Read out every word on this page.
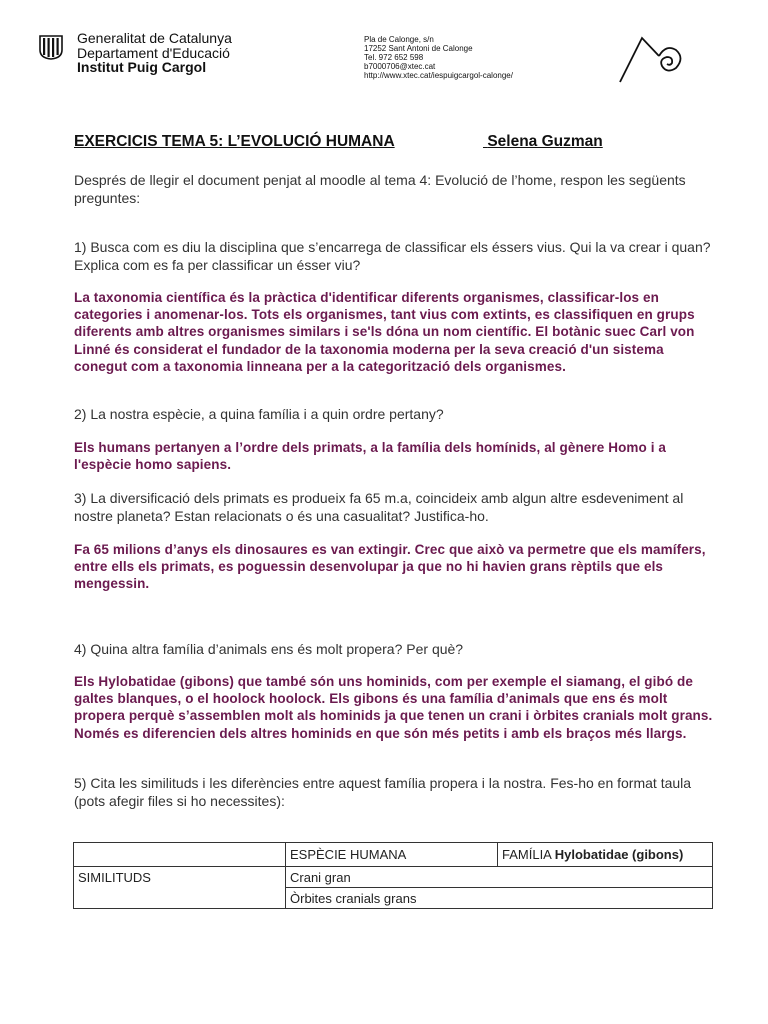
Generalitat de Catalunya
Departament d'Educació
Institut Puig Cargol
Pla de Calonge, s/n
17252 Sant Antoni de Calonge
Tel. 972 652 598
b7000706@xtec.cat
http://www.xtec.cat/iespuigcargol-calonge/
EXERCICIS TEMA 5: L’EVOLUCIÓ HUMANA	Selena Guzman

Després de llegir el document penjat al moodle al tema 4: Evolució de l’home, respon les següents preguntes:

1) Busca com es diu la disciplina que s’encarrega de classificar els éssers vius. Qui la va crear i quan? Explica com es fa per classificar un ésser viu?

La taxonomia científica és la pràctica d'identificar diferents organismes, classificar-los en categories i anomenar-los. Tots els organismes, tant vius com extints, es classifiquen en grups diferents amb altres organismes similars i se'ls dóna un nom científic. El botànic suec Carl von Linné és considerat el fundador de la taxonomia moderna per la seva creació d'un sistema conegut com a taxonomia linneana per a la categorització dels organismes.

2) La nostra espècie, a quina família i a quin ordre pertany?

Els humans pertanyen a l’ordre dels primats, a la família dels homínids, al gènere Homo i a l'espècie homo sapiens.

3) La diversificació dels primats es produeix fa 65 m.a, coincideix amb algun altre esdeveniment al nostre planeta? Estan relacionats o és una casualitat? Justifica-ho.

Fa 65 milions d’anys els dinosaures es van extingir. Crec que això va permetre que els mamífers, entre ells els primats, es poguessin desenvolupar ja que no hi havien grans rèptils que els mengessin.

4) Quina altra família d’animals ens és molt propera? Per què?

Els Hylobatidae (gibons) que també són uns hominids, com per exemple el siamang, el gibó de galtes blanques, o el hoolock hoolock. Els gibons és una família d’animals que ens és molt propera perquè s’assemblen molt als hominids ja que tenen un crani i òrbites cranials molt grans. Només es diferencien dels altres hominids en que són més petits i amb els braços més llargs.

5) Cita les similituds i les diferències entre aquest família propera i la nostra. Fes-ho en format taula (pots afegir files si ho necessites):

	ESPÈCIE HUMANA	FAMÍLIA Hylobatidae (gibons)
SIMILITUDS	Crani gran	
	Òrbites cranials grans	
